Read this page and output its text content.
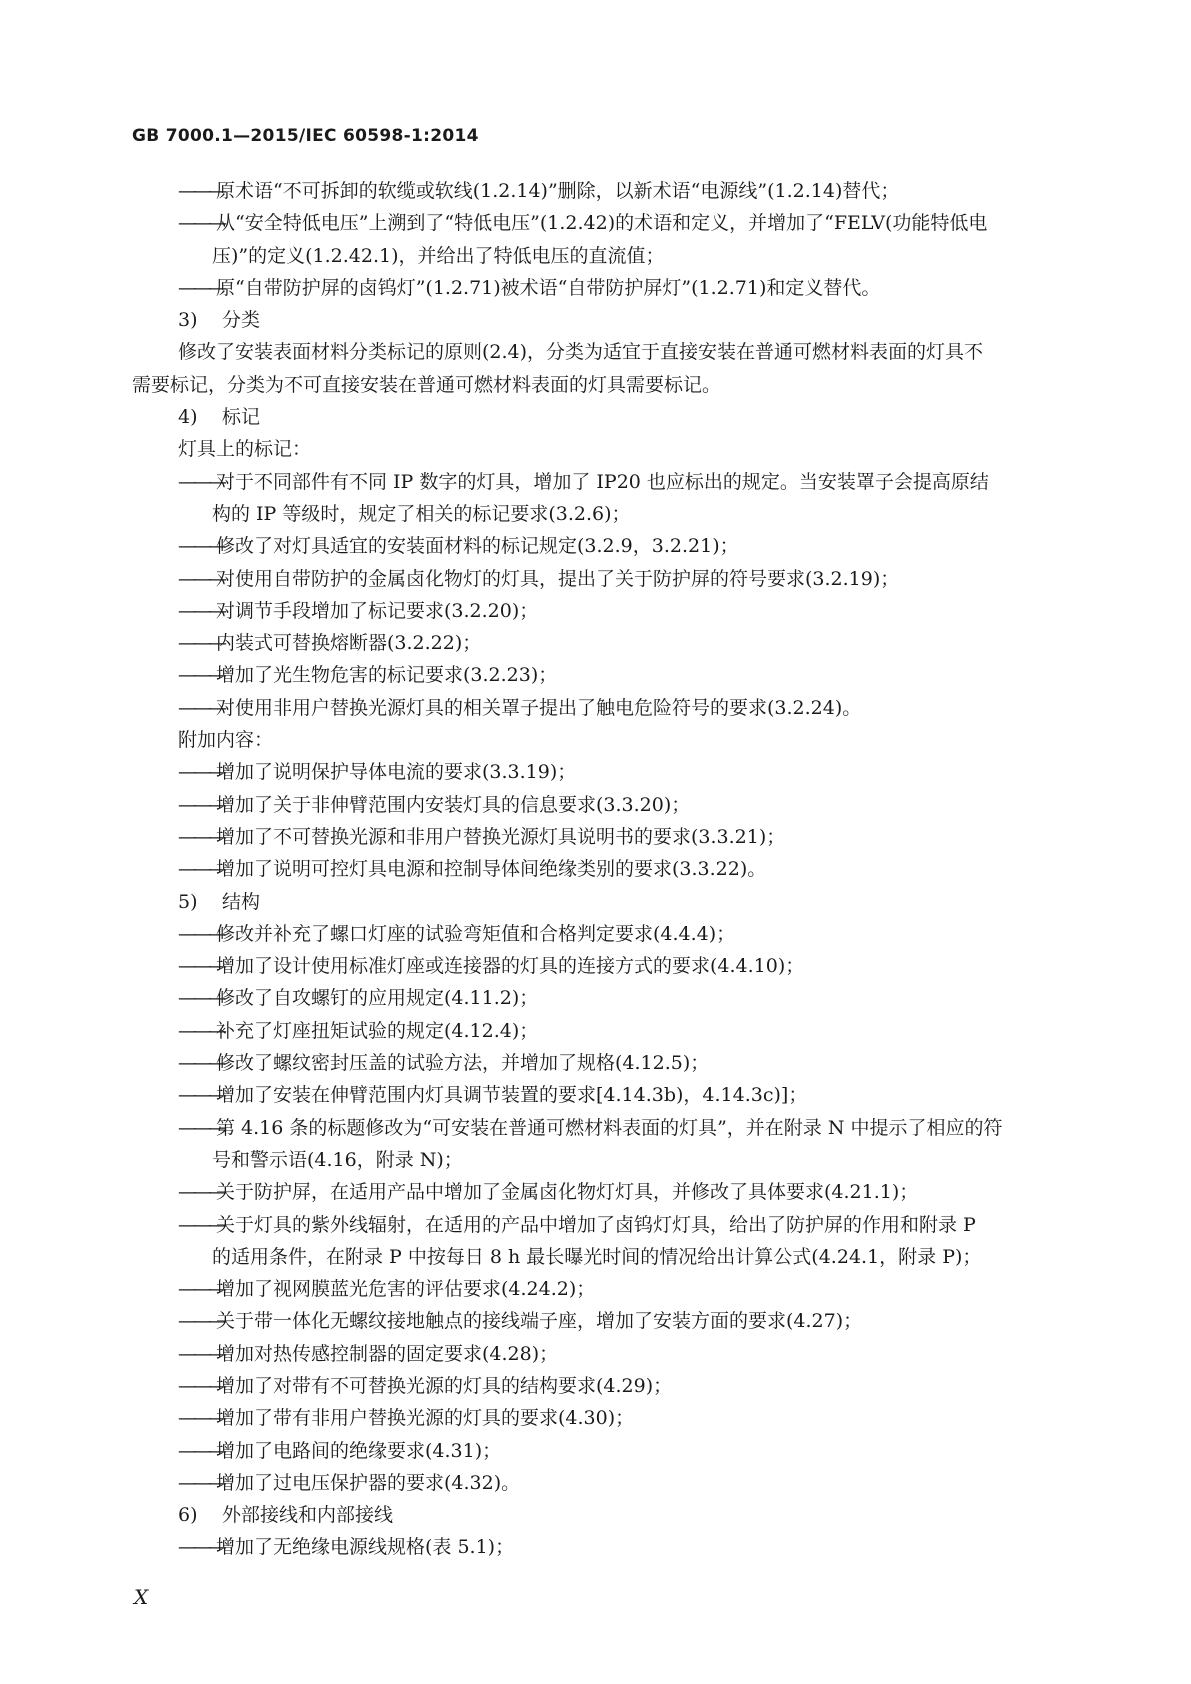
GB 7000.1—2015/IEC 60598-1:2014
———原术语“不可拆卸的软缆或软线(1.2.14)”删除，以新术语“电源线”(1.2.14)替代；
———从“安全特低电压”上溯到了“特低电压”(1.2.42)的术语和定义，并增加了“FELV(功能特低电
压)”的定义(1.2.42.1)，并给出了特低电压的直流值；
———原“自带防护屏的卤钨灯”(1.2.71)被术语“自带防护屏灯”(1.2.71)和定义替代。
3) 分类
修改了安装表面材料分类标记的原则(2.4)，分类为适宜于直接安装在普通可燃材料表面的灯具不
需要标记，分类为不可直接安装在普通可燃材料表面的灯具需要标记。
4) 标记
灯具上的标记：
———对于不同部件有不同 IP 数字的灯具，增加了 IP20 也应标出的规定。当安装罩子会提高原结
构的 IP 等级时，规定了相关的标记要求(3.2.6)；
———修改了对灯具适宜的安装面材料的标记规定(3.2.9，3.2.21)；
———对使用自带防护的金属卤化物灯的灯具，提出了关于防护屏的符号要求(3.2.19)；
———对调节手段增加了标记要求(3.2.20)；
———内装式可替换熔断器(3.2.22)；
———增加了光生物危害的标记要求(3.2.23)；
———对使用非用户替换光源灯具的相关罩子提出了触电危险符号的要求(3.2.24)。
附加内容：
———增加了说明保护导体电流的要求(3.3.19)；
———增加了关于非伸臂范围内安装灯具的信息要求(3.3.20)；
———增加了不可替换光源和非用户替换光源灯具说明书的要求(3.3.21)；
———增加了说明可控灯具电源和控制导体间绝缘类别的要求(3.3.22)。
5) 结构
———修改并补充了螺口灯座的试验弯矩值和合格判定要求(4.4.4)；
———增加了设计使用标准灯座或连接器的灯具的连接方式的要求(4.4.10)；
———修改了自攻螺钉的应用规定(4.11.2)；
———补充了灯座扭矩试验的规定(4.12.4)；
———修改了螺纹密封压盖的试验方法，并增加了规格(4.12.5)；
———增加了安装在伸臂范围内灯具调节装置的要求[4.14.3b)，4.14.3c)]；
———第 4.16 条的标题修改为“可安装在普通可燃材料表面的灯具”，并在附录 N 中提示了相应的符
号和警示语(4.16，附录 N)；
———关于防护屏，在适用产品中增加了金属卤化物灯灯具，并修改了具体要求(4.21.1)；
———关于灯具的紫外线辐射，在适用的产品中增加了卤钨灯灯具，给出了防护屏的作用和附录 P
的适用条件，在附录 P 中按每日 8 h 最长曝光时间的情况给出计算公式(4.24.1，附录 P)；
———增加了视网膜蓝光危害的评估要求(4.24.2)；
———关于带一体化无螺纹接地触点的接线端子座，增加了安装方面的要求(4.27)；
———增加对热传感控制器的固定要求(4.28)；
———增加了对带有不可替换光源的灯具的结构要求(4.29)；
———增加了带有非用户替换光源的灯具的要求(4.30)；
———增加了电路间的绝缘要求(4.31)；
———增加了过电压保护器的要求(4.32)。
6) 外部接线和内部接线
———增加了无绝缘电源线规格(表 5.1)；
X
